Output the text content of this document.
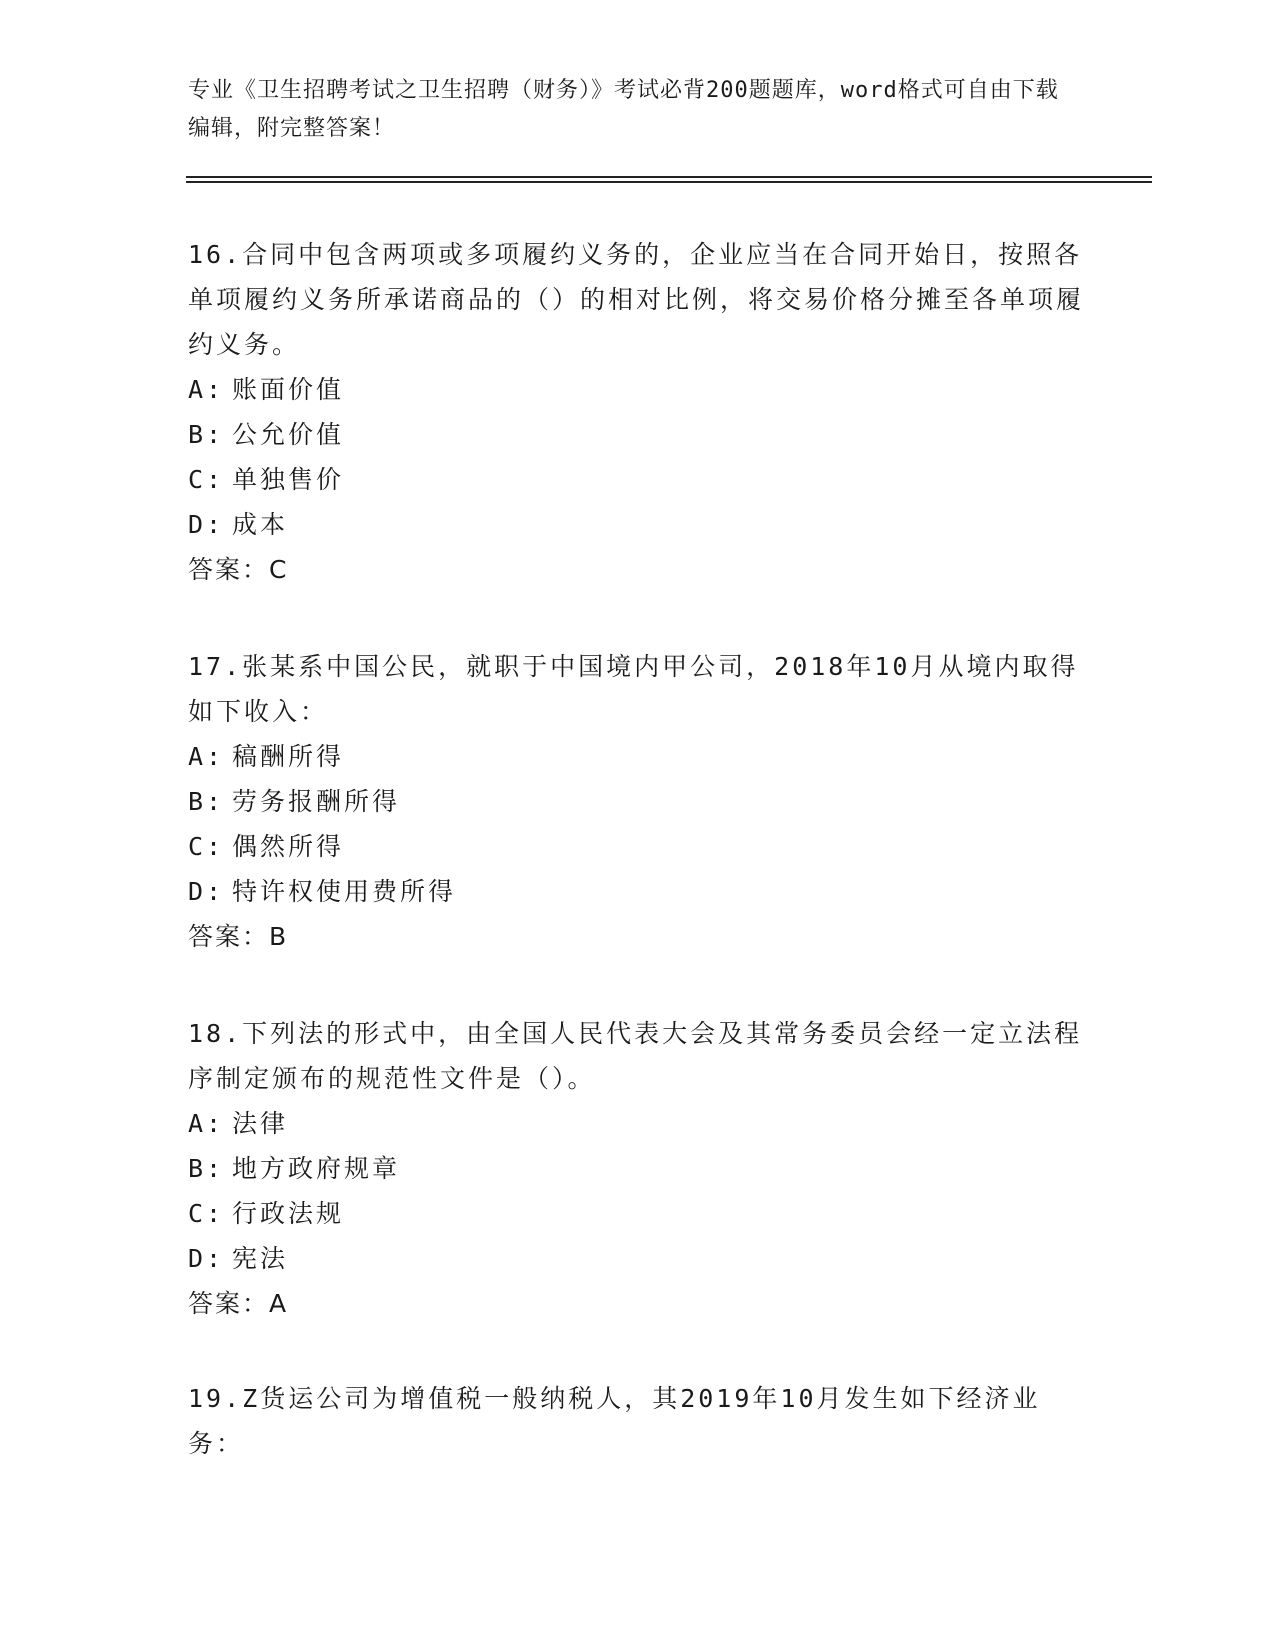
专业《卫生招聘考试之卫生招聘（财务）》考试必背200题题库，word格式可自由下载编辑，附完整答案！

16.合同中包含两项或多项履约义务的，企业应当在合同开始日，按照各单项履约义务所承诺商品的（）的相对比例，将交易价格分摊至各单项履约义务。

A: 账面价值
B: 公允价值
C: 单独售价
D: 成本
答案：C

17.张某系中国公民，就职于中国境内甲公司，2018年10月从境内取得如下收入：

A: 稿酬所得
B: 劳务报酬所得
C: 偶然所得
D: 特许权使用费所得
答案：B

18.下列法的形式中，由全国人民代表大会及其常务委员会经一定立法程序制定颁布的规范性文件是（）。

A: 法律
B: 地方政府规章
C: 行政法规
D: 宪法
答案：A

19.Z货运公司为增值税一般纳税人，其2019年10月发生如下经济业务：
